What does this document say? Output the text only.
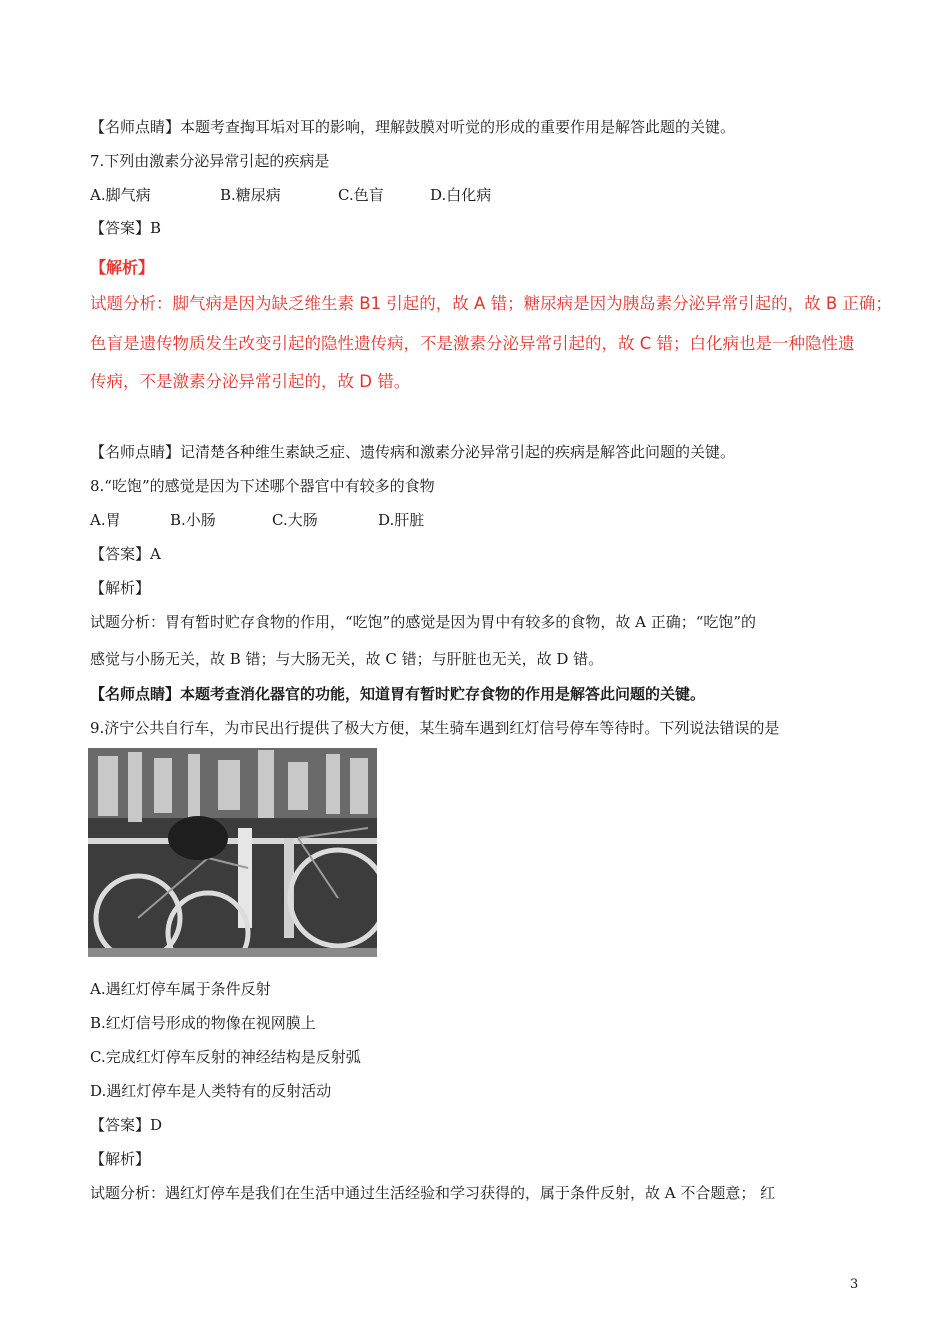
【名师点睛】本题考查掏耳垢对耳的影响，理解鼓膜对听觉的形成的重要作用是解答此题的关键。
7.下列由激素分泌异常引起的疾病是
A.脚气病	B.糖尿病	C.色盲	D.白化病
【答案】B
【解析】
试题分析：脚气病是因为缺乏维生素 B1 引起的，故 A 错；糖尿病是因为胰岛素分泌异常引起的，故 B 正确；
色盲是遗传物质发生改变引起的隐性遗传病，不是激素分泌异常引起的，故 C 错；白化病也是一种隐性遗
传病，不是激素分泌异常引起的，故 D 错。
【名师点睛】记清楚各种维生素缺乏症、遗传病和激素分泌异常引起的疾病是解答此问题的关键。
8.“吃饱”的感觉是因为下述哪个器官中有较多的食物
A.胃	B.小肠	C.大肠	D.肝脏
【答案】A
【解析】
试题分析：胃有暂时贮存食物的作用，“吃饱”的感觉是因为胃中有较多的食物，故 A 正确；“吃饱”的
感觉与小肠无关，故 B 错；与大肠无关，故 C 错；与肝脏也无关，故 D 错。
【名师点睛】本题考查消化器官的功能，知道胃有暂时贮存食物的作用是解答此问题的关键。
9.济宁公共自行车，为市民出行提供了极大方便，某生骑车遇到红灯信号停车等待时。下列说法错误的是
A.遇红灯停车属于条件反射
B.红灯信号形成的物像在视网膜上
C.完成红灯停车反射的神经结构是反射弧
D.遇红灯停车是人类特有的反射活动
【答案】D
【解析】
试题分析：遇红灯停车是我们在生活中通过生活经验和学习获得的，属于条件反射，故 A 不合题意； 红
3
